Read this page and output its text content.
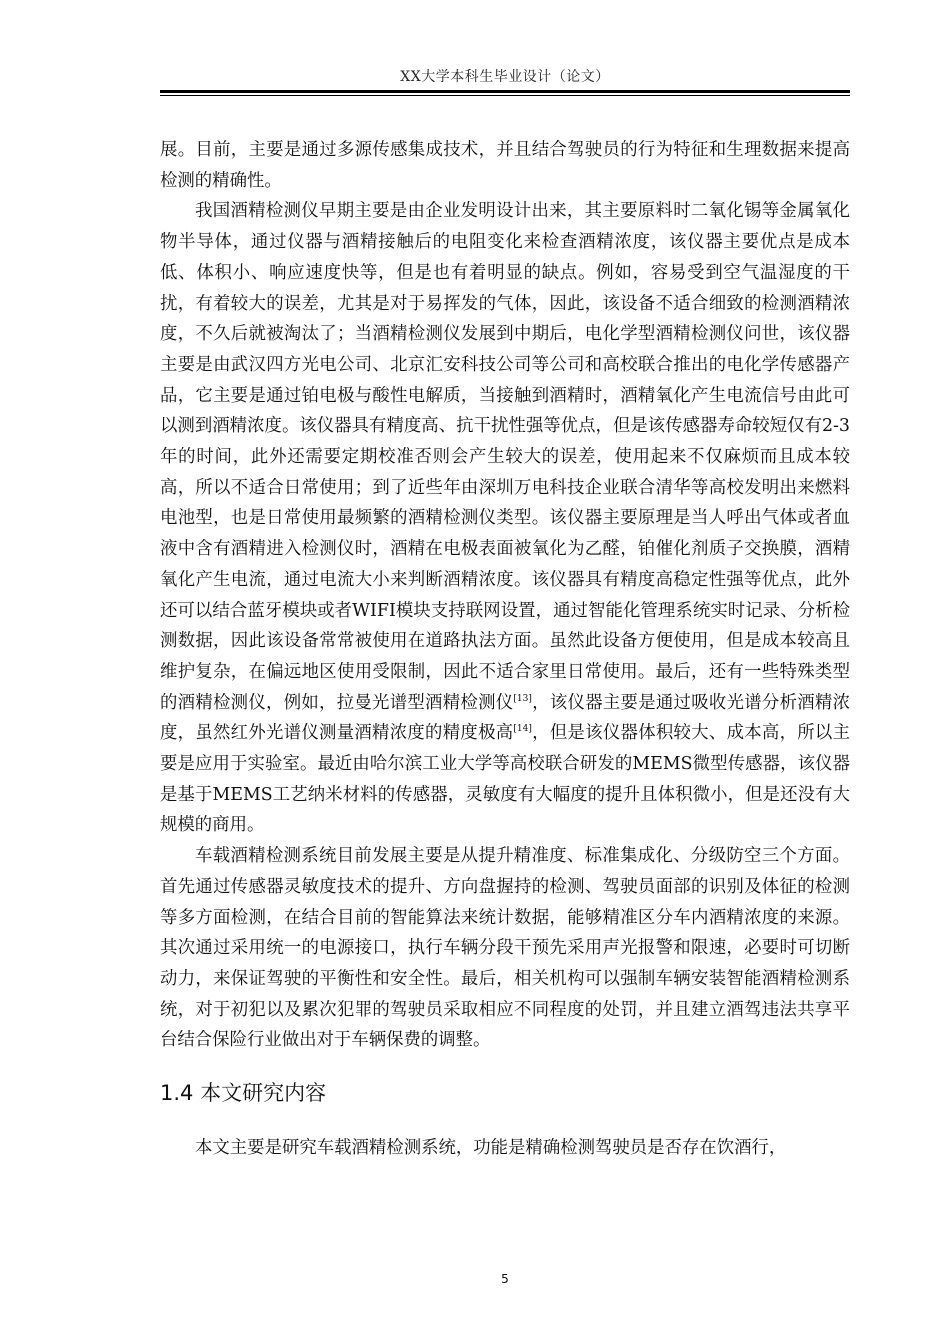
XX大学本科生毕业设计（论文）

展。目前，主要是通过多源传感集成技术，并且结合驾驶员的行为特征和生理数据来提高检测的精确性。

我国酒精检测仪早期主要是由企业发明设计出来，其主要原料时二氧化锡等金属氧化物半导体，通过仪器与酒精接触后的电阻变化来检查酒精浓度，该仪器主要优点是成本低、体积小、响应速度快等，但是也有着明显的缺点。例如，容易受到空气温湿度的干扰，有着较大的误差，尤其是对于易挥发的气体，因此，该设备不适合细致的检测酒精浓度，不久后就被淘汰了；当酒精检测仪发展到中期后，电化学型酒精检测仪问世，该仪器主要是由武汉四方光电公司、北京汇安科技公司等公司和高校联合推出的电化学传感器产品，它主要是通过铂电极与酸性电解质，当接触到酒精时，酒精氧化产生电流信号由此可以测到酒精浓度。该仪器具有精度高、抗干扰性强等优点，但是该传感器寿命较短仅有2-3年的时间，此外还需要定期校准否则会产生较大的误差，使用起来不仅麻烦而且成本较高，所以不适合日常使用；到了近些年由深圳万电科技企业联合清华等高校发明出来燃料电池型，也是日常使用最频繁的酒精检测仪类型。该仪器主要原理是当人呼出气体或者血液中含有酒精进入检测仪时，酒精在电极表面被氧化为乙醛，铂催化剂质子交换膜，酒精氧化产生电流，通过电流大小来判断酒精浓度。该仪器具有精度高稳定性强等优点，此外还可以结合蓝牙模块或者WIFI模块支持联网设置，通过智能化管理系统实时记录、分析检测数据，因此该设备常常被使用在道路执法方面。虽然此设备方便使用，但是成本较高且维护复杂，在偏远地区使用受限制，因此不适合家里日常使用。最后，还有一些特殊类型的酒精检测仪，例如，拉曼光谱型酒精检测仪[13]，该仪器主要是通过吸收光谱分析酒精浓度，虽然红外光谱仪测量酒精浓度的精度极高[14]，但是该仪器体积较大、成本高，所以主要是应用于实验室。最近由哈尔滨工业大学等高校联合研发的MEMS微型传感器，该仪器是基于MEMS工艺纳米材料的传感器，灵敏度有大幅度的提升且体积微小，但是还没有大规模的商用。

车载酒精检测系统目前发展主要是从提升精准度、标准集成化、分级防空三个方面。首先通过传感器灵敏度技术的提升、方向盘握持的检测、驾驶员面部的识别及体征的检测等多方面检测，在结合目前的智能算法来统计数据，能够精准区分车内酒精浓度的来源。其次通过采用统一的电源接口，执行车辆分段干预先采用声光报警和限速，必要时可切断动力，来保证驾驶的平衡性和安全性。最后，相关机构可以强制车辆安装智能酒精检测系统，对于初犯以及累次犯罪的驾驶员采取相应不同程度的处罚，并且建立酒驾违法共享平台结合保险行业做出对于车辆保费的调整。

1.4 本文研究内容

本文主要是研究车载酒精检测系统，功能是精确检测驾驶员是否存在饮酒行，

5
